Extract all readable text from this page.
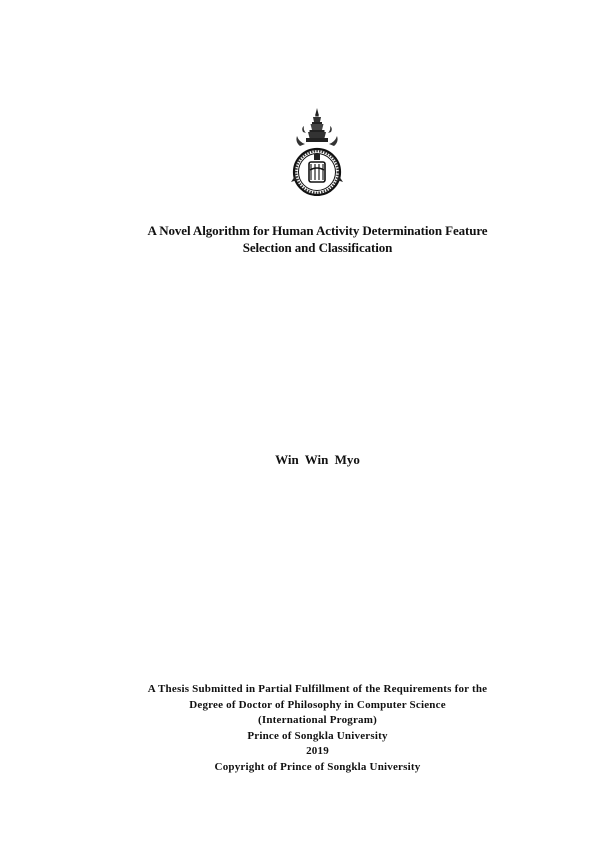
A Novel Algorithm for Human Activity Determination Feature
Selection and Classification
Win Win Myo
A Thesis Submitted in Partial Fulfillment of the Requirements for the
Degree of Doctor of Philosophy in Computer Science
(International Program)
Prince of Songkla University
2019
Copyright of Prince of Songkla University
